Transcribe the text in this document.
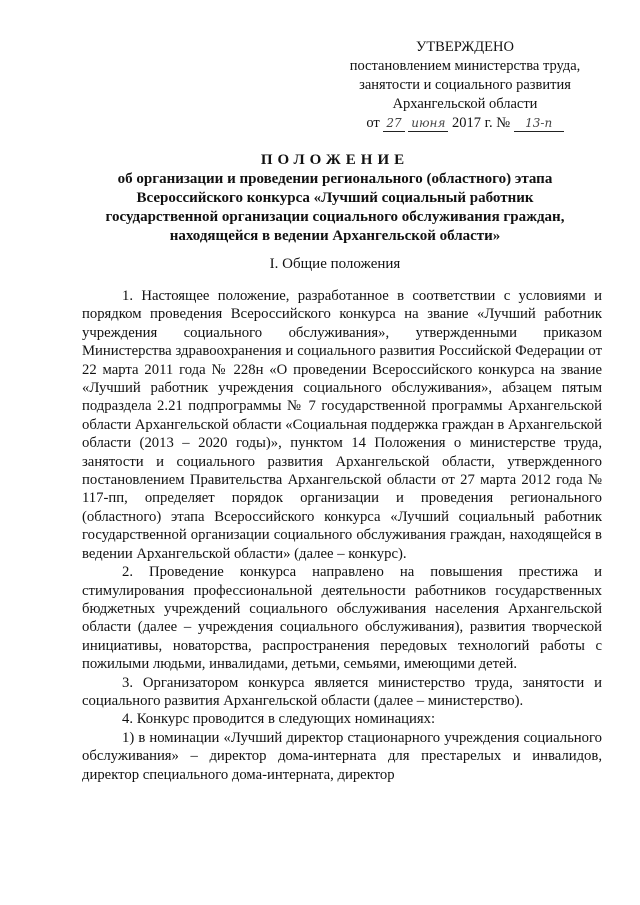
УТВЕРЖДЕНО
постановлением министерства труда,
занятости и социального развития
Архангельской области
от 27 июня 2017 г. № 13-п
ПОЛОЖЕНИЕ
об организации и проведении регионального (областного) этапа
Всероссийского конкурса «Лучший социальный работник
государственной организации социального обслуживания граждан,
находящейся в ведении Архангельской области»
I. Общие положения

1. Настоящее положение, разработанное в соответствии с условиями и порядком проведения Всероссийского конкурса на звание «Лучший работник учреждения социального обслуживания», утвержденными приказом Министерства здравоохранения и социального развития Российской Федерации от 22 марта 2011 года № 228н «О проведении Всероссийского конкурса на звание «Лучший работник учреждения социального обслуживания», абзацем пятым подраздела 2.21 подпрограммы № 7 государственной программы Архангельской области Архангельской области «Социальная поддержка граждан в Архангельской области (2013 – 2020 годы)», пунктом 14 Положения о министерстве труда, занятости и социального развития Архангельской области, утвержденного постановлением Правительства Архангельской области от 27 марта 2012 года № 117-пп, определяет порядок организации и проведения регионального (областного) этапа Всероссийского конкурса «Лучший социальный работник государственной организации социального обслуживания граждан, находящейся в ведении Архангельской области» (далее – конкурс).

2. Проведение конкурса направлено на повышения престижа и стимулирования профессиональной деятельности работников государственных бюджетных учреждений социального обслуживания населения Архангельской области (далее – учреждения социального обслуживания), развития творческой инициативы, новаторства, распространения передовых технологий работы с пожилыми людьми, инвалидами, детьми, семьями, имеющими детей.

3. Организатором конкурса является министерство труда, занятости и социального развития Архангельской области (далее – министерство).

4. Конкурс проводится в следующих номинациях:

1) в номинации «Лучший директор стационарного учреждения социального обслуживания» – директор дома-интерната для престарелых и инвалидов, директор специального дома-интерната, директор
